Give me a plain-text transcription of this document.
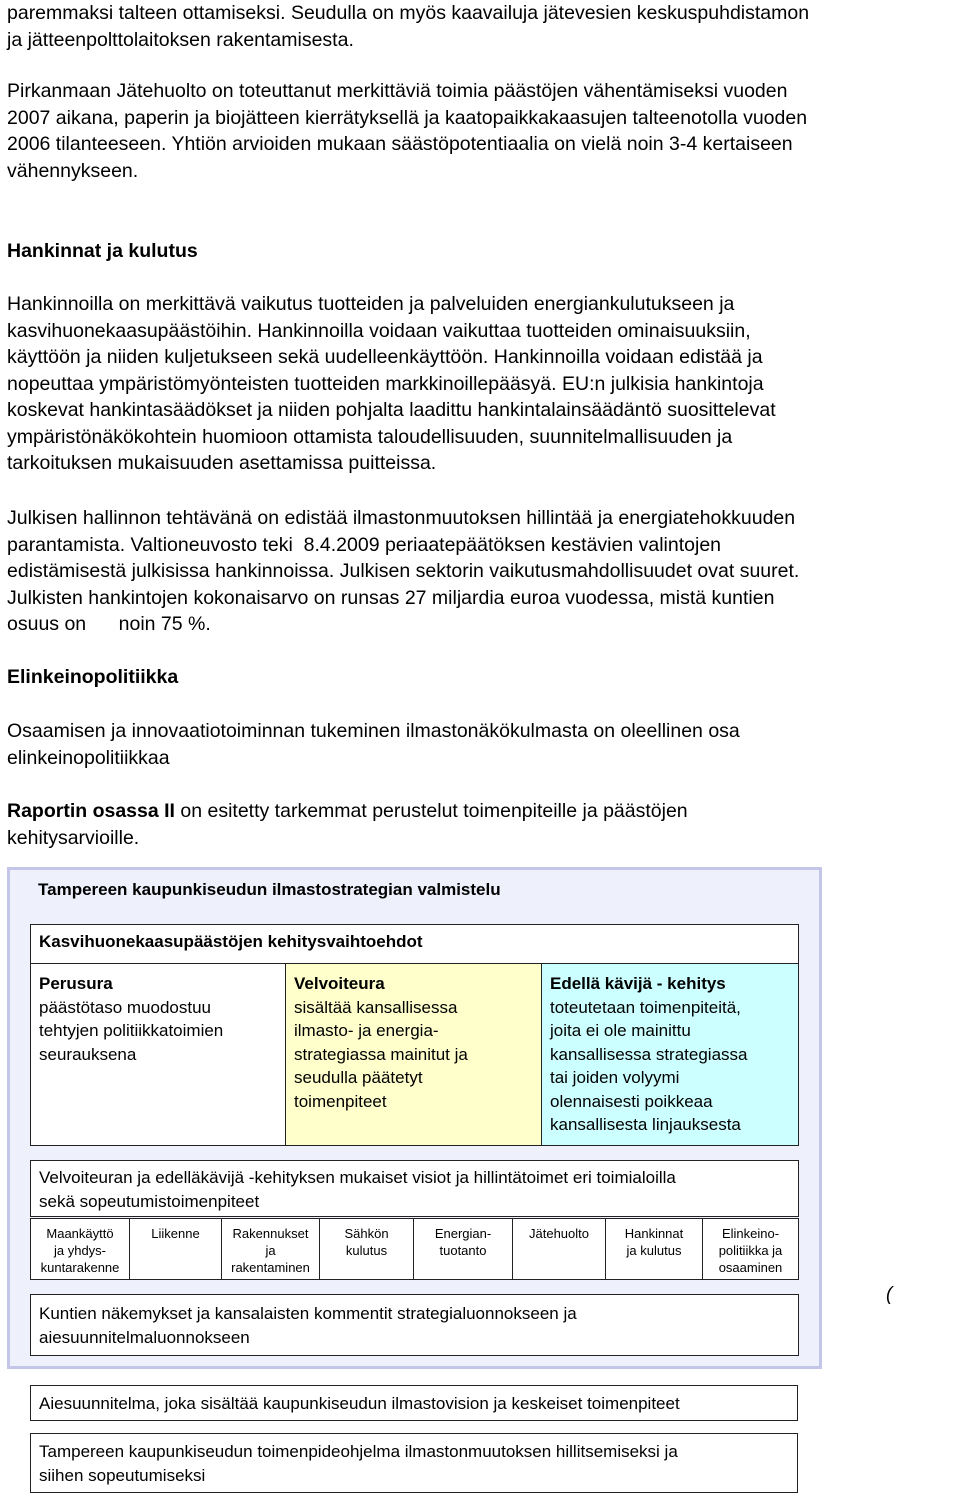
paremmaksi talteen ottamiseksi. Seudulla on myös kaavailuja jätevesien keskuspuhdistamon
ja jätteenpolttolaitoksen rakentamisesta.

Pirkanmaan Jätehuolto on toteuttanut merkittäviä toimia päästöjen vähentämiseksi vuoden
2007 aikana, paperin ja biojätteen kierrätyksellä ja kaatopaikkakaasujen talteenotolla vuoden
2006 tilanteeseen. Yhtiön arvioiden mukaan säästöpotentiaalia on vielä noin 3-4 kertaiseen
vähennykseen.

Hankinnat ja kulutus

Hankinnoilla on merkittävä vaikutus tuotteiden ja palveluiden energiankulutukseen ja
kasvihuonekaasupäästöihin. Hankinnoilla voidaan vaikuttaa tuotteiden ominaisuuksiin,
käyttöön ja niiden kuljetukseen sekä uudelleenkäyttöön. Hankinnoilla voidaan edistää ja
nopeuttaa ympäristömyönteisten tuotteiden markkinoillepääsyä. EU:n julkisia hankintoja
koskevat hankintasäädökset ja niiden pohjalta laadittu hankintalainsäädäntö suosittelevat
ympäristönäkökohtein huomioon ottamista taloudellisuuden, suunnitelmallisuuden ja
tarkoituksen mukaisuuden asettamissa puitteissa.

Julkisen hallinnon tehtävänä on edistää ilmastonmuutoksen hillintää ja energiatehokkuuden
parantamista. Valtioneuvosto teki  8.4.2009 periaatepäätöksen kestävien valintojen
edistämisestä julkisissa hankinnoissa. Julkisen sektorin vaikutusmahdollisuudet ovat suuret.
Julkisten hankintojen kokonaisarvo on runsas 27 miljardia euroa vuodessa, mistä kuntien
osuus on      noin 75 %.

Elinkeinopolitiikka

Osaamisen ja innovaatiotoiminnan tukeminen ilmastonäkökulmasta on oleellinen osa
elinkeinopolitiikkaa

Raportin osassa II on esitetty tarkemmat perustelut toimenpiteille ja päästöjen
kehitysarvioille.

Tampereen kaupunkiseudun ilmastostrategian valmistelu
Kasvihuonekaasupäästöjen kehitysvaihtoehdot
Perusura
päästötaso muodostuu
tehtyjen politiikkatoimien
seurauksena
Velvoiteura
sisältää kansallisessa
ilmasto- ja energia-
strategiassa mainitut ja
seudulla päätetyt
toimenpiteet
Edellä kävijä - kehitys
toteutetaan toimenpiteitä,
joita ei ole mainittu
kansallisessa strategiassa
tai joiden volyymi
olennaisesti poikkeaa
kansallisesta linjauksesta
Velvoiteuran ja edelläkävijä -kehityksen mukaiset visiot ja hillintätoimet eri toimialoilla
sekä sopeutumistoimenpiteet
Maankäyttö
ja yhdys-
kuntarakenne
Liikenne	Rakennukset
ja
rakentaminen
Sähkön
kulutus
Energian-
tuotanto
Jätehuolto	Hankinnat
ja kulutus
Elinkeino-
politiikka ja
osaaminen
Kuntien näkemykset ja kansalaisten kommentit strategialuonnokseen ja
aiesuunnitelmaluonnokseen
(
Aiesuunnitelma, joka sisältää kaupunkiseudun ilmastovision ja keskeiset toimenpiteet
Tampereen kaupunkiseudun toimenpideohjelma ilmastonmuutoksen hillitsemiseksi ja
siihen sopeutumiseksi
